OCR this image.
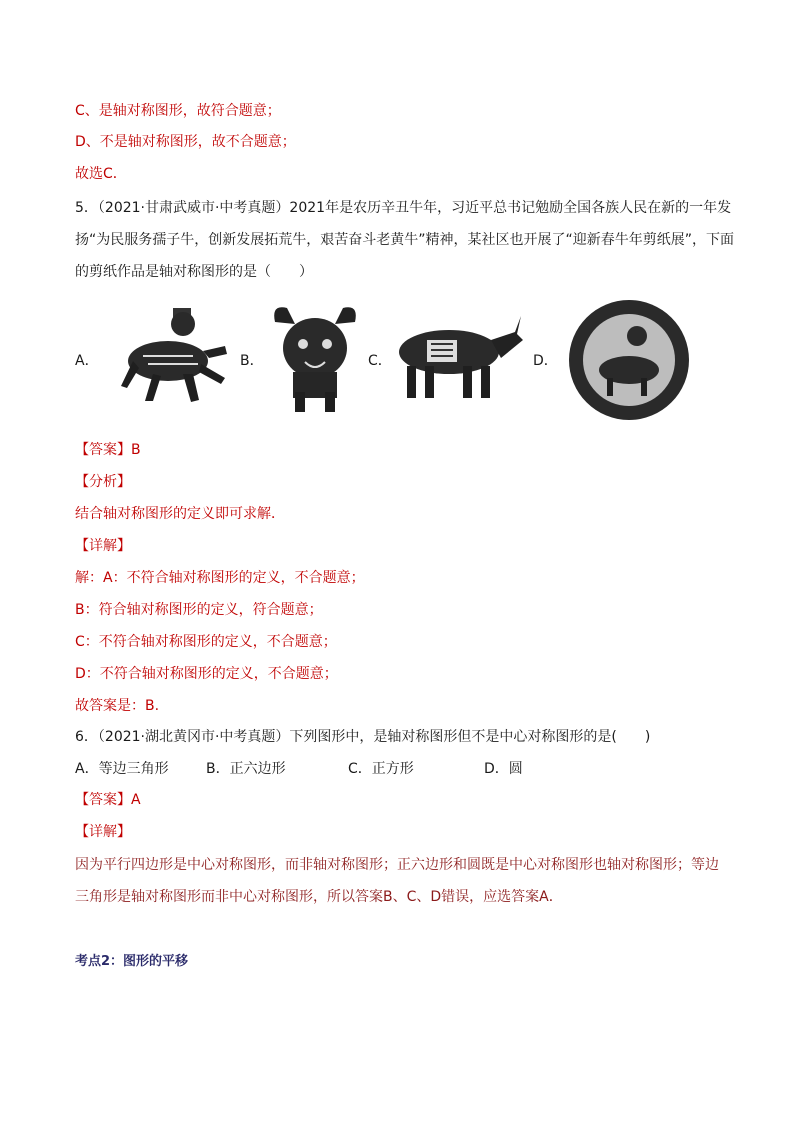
C、是轴对称图形，故符合题意；
D、不是轴对称图形，故不合题意；
故选C．
5．（2021·甘肃武威市·中考真题）2021年是农历辛丑牛年，习近平总书记勉励全国各族人民在新的一年发
扬“为民服务孺子牛，创新发展拓荒牛，艰苦奋斗老黄牛”精神，某社区也开展了“迎新春牛年剪纸展”，下面
的剪纸作品是轴对称图形的是（　　）
A．	B．	C．	D．
【答案】B
【分析】
结合轴对称图形的定义即可求解．
【详解】
解：A：不符合轴对称图形的定义，不合题意；
B：符合轴对称图形的定义，符合题意；
C：不符合轴对称图形的定义，不合题意；
D：不符合轴对称图形的定义，不合题意；
故答案是：B.
6．（2021·湖北黄冈市·中考真题）下列图形中，是轴对称图形但不是中心对称图形的是(　　)
A．等边三角形	B．正六边形	C．正方形	D．圆
【答案】A
【详解】
因为平行四边形是中心对称图形，而非轴对称图形；正六边形和圆既是中心对称图形也轴对称图形；等边
三角形是轴对称图形而非中心对称图形，所以答案B、C、D错误，应选答案A．
考点2：图形的平移
